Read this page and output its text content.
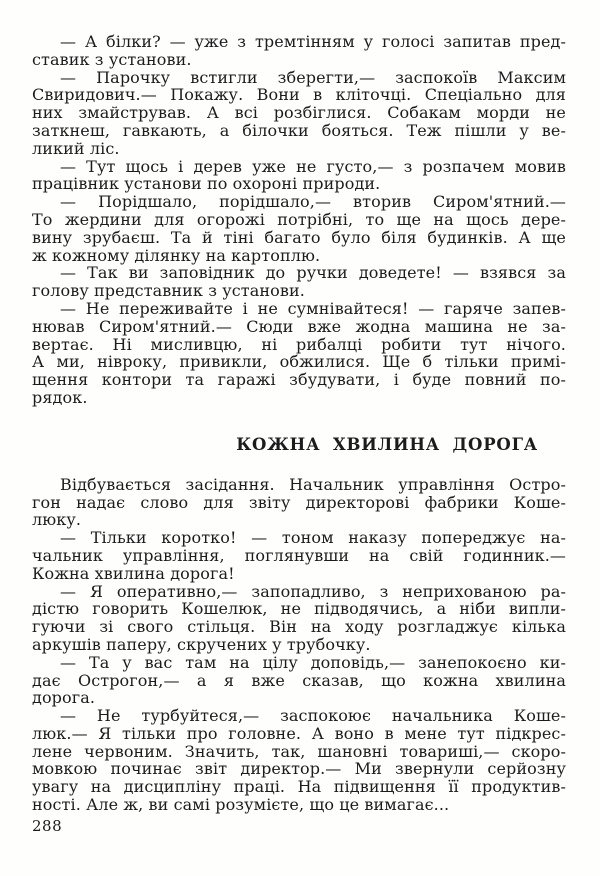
— А білки? — уже з тремтінням у голосі запитав пред-
ставик з установи.
— Парочку встигли зберегти,— заспокоїв Максим
Свиридович.— Покажу. Вони в кліточці. Спеціально для
них змайстрував. А всі розбіглися. Собакам морди не
заткнеш, гавкають, а білочки бояться. Теж пішли у ве-
ликий ліс.
— Тут щось і дерев уже не густо,— з розпачем мовив
працівник установи по охороні природи.
— Порідшало, порідшало,— вторив Сиром'ятний.—
То жердини для огорожі потрібні, то ще на щось дере-
вину зрубаєш. Та й тіні багато було біля будинків. А ще
ж кожному ділянку на картоплю.
— Так ви заповідник до ручки доведете! — взявся за
голову представник з установи.
— Не переживайте і не сумнівайтеся! — гаряче запев-
нював Сиром'ятний.— Сюди вже жодна машина не за-
вертає. Ні мисливцю, ні рибалці робити тут нічого.
А ми, нівроку, привикли, обжилися. Ще б тільки примі-
щення контори та гаражі збудувати, і буде повний по-
рядок.
КОЖНА ХВИЛИНА ДОРОГА
Відбувається засідання. Начальник управління Остро-
гон надає слово для звіту директорові фабрики Коше-
люку.
— Тільки коротко! — тоном наказу попереджує на-
чальник управління, поглянувши на свій годинник.—
Кожна хвилина дорога!
— Я оперативно,— запопадливо, з неприхованою ра-
дістю говорить Кошелюк, не підводячись, а ніби випли-
гуючи зі свого стільця. Він на ходу розгладжує кілька
аркушів паперу, скручених у трубочку.
— Та у вас там на цілу доповідь,— занепокоєно ки-
дає Острогон,— а я вже сказав, що кожна хвилина
дорога.
— Не турбуйтеся,— заспокоює начальника Коше-
люк.— Я тільки про головне. А воно в мене тут підкрес-
лене червоним. Значить, так, шановні товариші,— скоро-
мовкою починає звіт директор.— Ми звернули серйозну
увагу на дисципліну праці. На підвищення її продуктив-
ності. Але ж, ви самі розумієте, що це вимагає...
288
